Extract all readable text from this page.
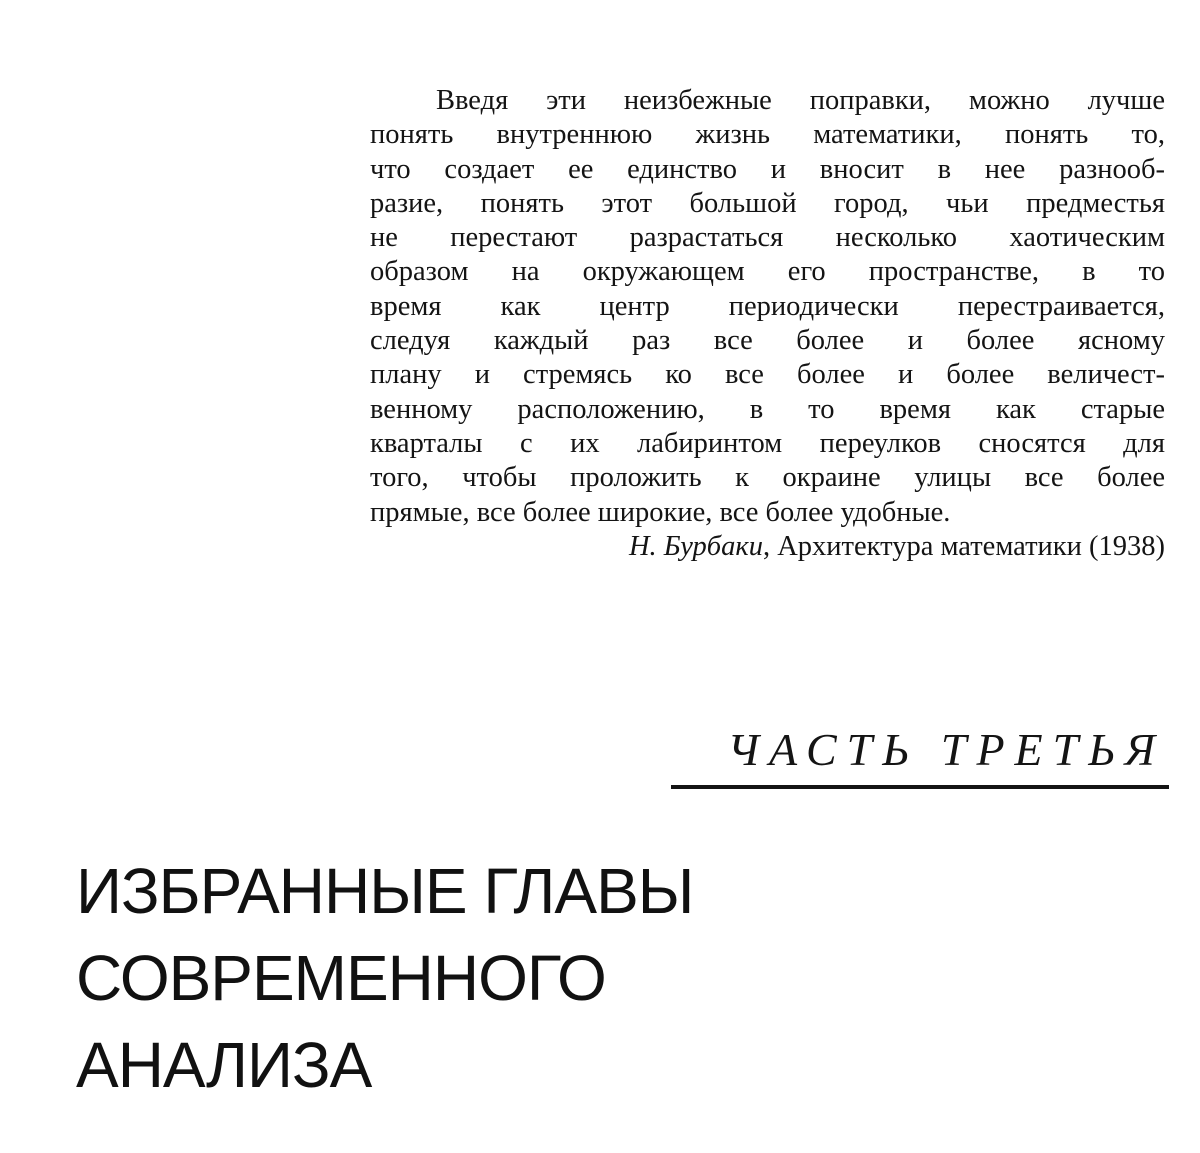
Введя эти неизбежные поправки, можно лучше
понять внутреннюю жизнь математики, понять то,
что создает ее единство и вносит в нее разнооб-
разие, понять этот большой город, чьи предместья
не перестают разрастаться несколько хаотическим
образом на окружающем его пространстве, в то
время как центр периодически перестраивается,
следуя каждый раз все более и более ясному
плану и стремясь ко все более и более величест-
венному расположению, в то время как старые
кварталы с их лабиринтом переулков сносятся для
того, чтобы проложить к окраине улицы все более
прямые, все более широкие, все более удобные.
Н. Бурбаки, Архитектура математики (1938)
ЧАСТЬ ТРЕТЬЯ
ИЗБРАННЫЕ ГЛАВЫ
СОВРЕМЕННОГО
АНАЛИЗА
